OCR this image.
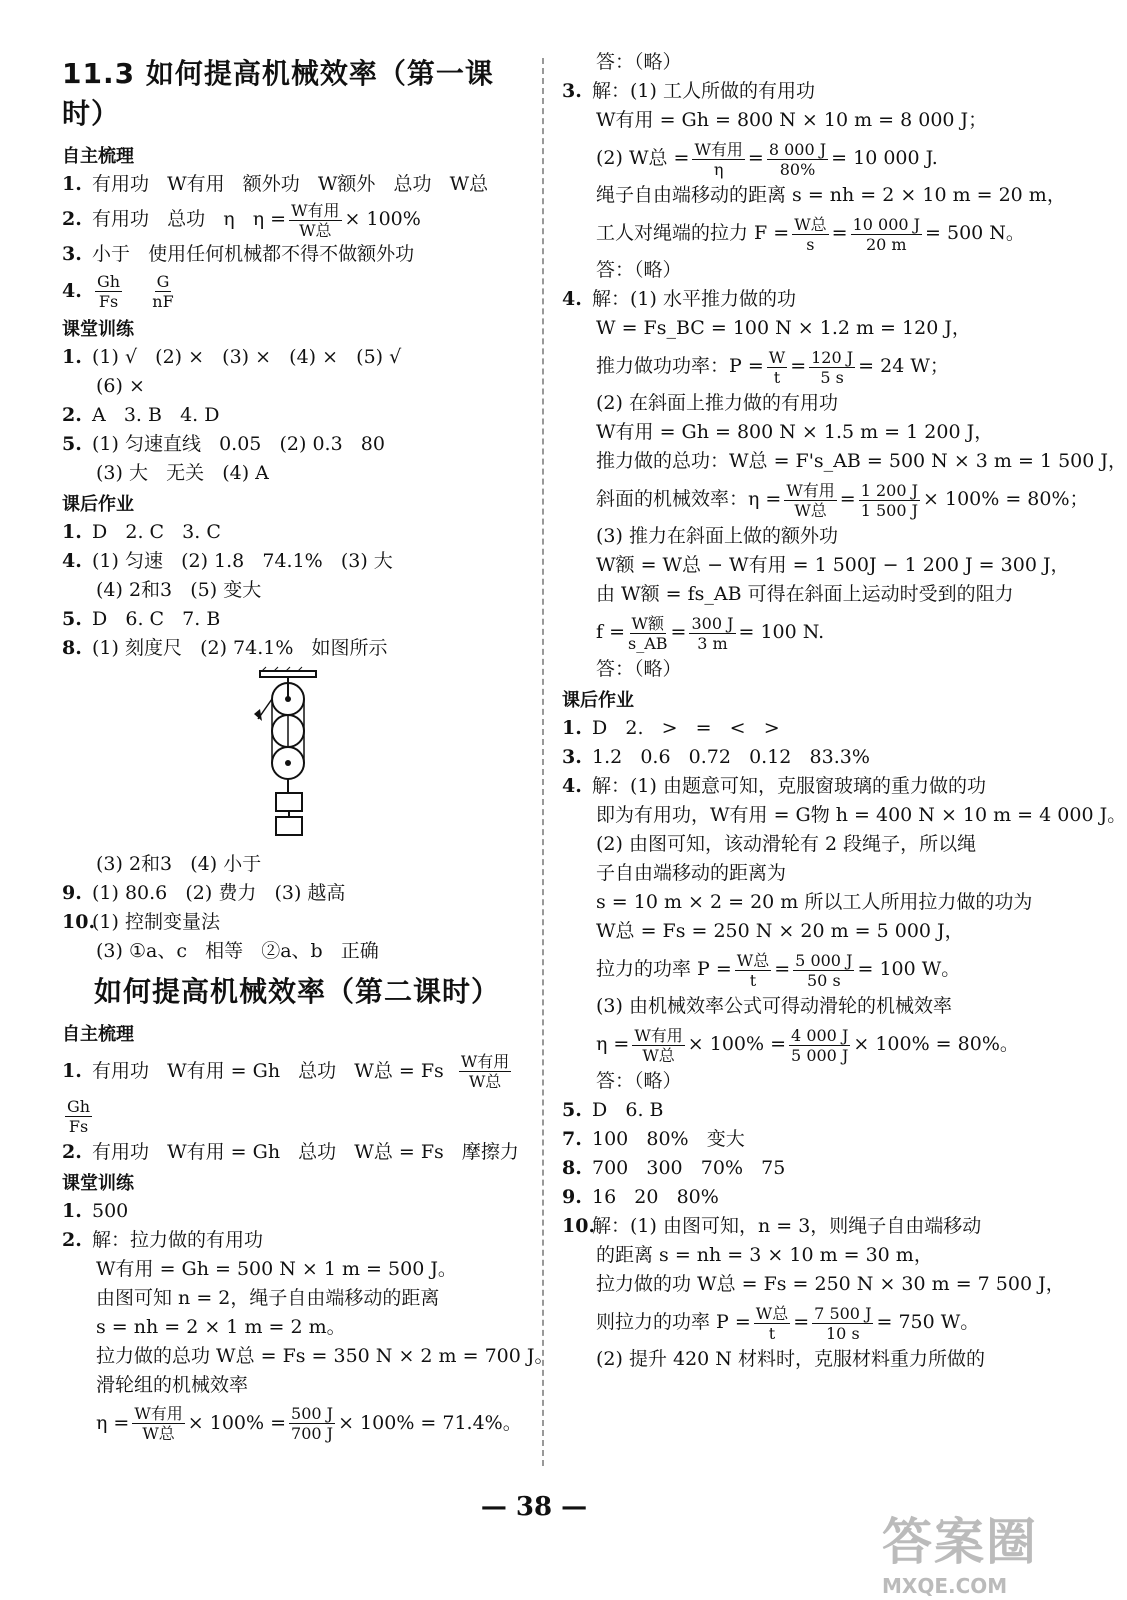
11.3 如何提高机械效率（第一课时）
自主梳理
1. 有用功   W有用   额外功   W额外   总功   W总
2. 有用功   总功   η   $\eta = \frac{\text{W有用}}{\text{W总}} \times 100\%$
3. 小于   使用任何机械都不得不做额外功
4. $\frac{Gh}{Fs}$
$\frac{G}{nF}$
课堂训练
1. (1) √   (2) ×   (3) ×   (4) ×   (5) √
(6) ×
2. A   3. B   4. D
5. (1) 匀速直线   0.05   (2) 0.3   80
(3) 大   无关   (4) A
课后作业
1. D   2. C   3. C
4. (1) 匀速   (2) 1.8   74.1%   (3) 大
(4) 2和3   (5) 变大
5. D   6. C   7. B
8. (1) 刻度尺   (2) 74.1%   如图所示
(3) 2和3   (4) 小于
9. (1) 80.6   (2) 费力   (3) 越高
10.(1) 控制变量法
(3) ①a、c   相等   ②a、b   正确
如何提高机械效率（第二课时）
自主梳理
1. 有用功   W有用 = Gh   总功   W总 = Fs $\frac{\text{W有用}}{\text{W总}}$
$\frac{Gh}{Fs}$
2. 有用功   W有用 = Gh   总功   W总 = Fs   摩擦力
课堂训练
1. 500
2. 解：拉力做的有用功
W有用 = Gh = 500 N × 1 m = 500 J。
由图可知 n = 2，绳子自由端移动的距离
s = nh = 2 × 1 m = 2 m。
拉力做的总功 W总 = Fs = 350 N × 2 m = 700 J。
滑轮组的机械效率
$\eta = \frac{\text{W有用}}{\text{W总}} \times 100\% = \frac{500 J}{700 J} \times 100\% = 71.4\%$。
答：（略）
3. 解：(1) 工人所做的有用功
W有用 = Gh = 800 N × 10 m = 8 000 J；
(2) W总 = $\frac{\text{W有用}}{\eta} = \frac{8 000 J}{80\%} = 10$ 000 J.
绳子自由端移动的距离 s = nh = 2 × 10 m = 20 m，
工人对绳端的拉力 $F = \frac{\text{W总}}{s} = \frac{10 000 J}{20 m} = 500$ N。
答：（略）
4. 解：(1) 水平推力做的功
W = Fs_BC = 100 N × 1.2 m = 120 J，
推力做功功率：$P = \frac{W}{t} = \frac{120 J}{5 s} = 24$ W；
(2) 在斜面上推力做的有用功
W有用 = Gh = 800 N × 1.5 m = 1 200 J，
推力做的总功：W总 = F's_AB = 500 N × 3 m = 1 500 J，
斜面的机械效率：$\eta = \frac{\text{W有用}}{\text{W总}} = \frac{1 200 J}{1 500 J} \times 100\% = 80\%$；
(3) 推力在斜面上做的额外功
W额 = W总 − W有用 = 1 500J − 1 200 J = 300 J，
由 W额 = fs_AB 可得在斜面上运动时受到的阻力
$f = \frac{\text{W额}}{s\_AB} = \frac{300 J}{3 m} = 100$ N.
答：（略）
课后作业
1. D   2.   >   =   <   >
3. 1.2   0.6   0.72   0.12   83.3%
4. 解：(1) 由题意可知，克服窗玻璃的重力做的功
即为有用功，W有用 = G物 h = 400 N × 10 m = 4 000 J。
(2) 由图可知，该动滑轮有 2 段绳子，所以绳
子自由端移动的距离为
s = 10 m × 2 = 20 m 所以工人所用拉力做的功为
W总 = Fs = 250 N × 20 m = 5 000 J，
拉力的功率 $P = \frac{\text{W总}}{t} = \frac{5 000 J}{50 s} = 100$ W。
(3) 由机械效率公式可得动滑轮的机械效率
$\eta = \frac{\text{W有用}}{\text{W总}} \times 100\% = \frac{4 000 J}{5 000 J} \times 100\% = 80\%$。
答：（略）
5. D   6. B
7. 100   80%   变大
8. 700   300   70%   75
9. 16   20   80%
10.解：(1) 由图可知，n = 3，则绳子自由端移动
的距离 s = nh = 3 × 10 m = 30 m，
拉力做的功 W总 = Fs = 250 N × 30 m = 7 500 J，
则拉力的功率 $P = \frac{\text{W总}}{t} = \frac{7 500 J}{10 s} = 750$ W。
(2) 提升 420 N 材料时，克服材料重力所做的
— 38 —
答案圈
MXQE.COM
